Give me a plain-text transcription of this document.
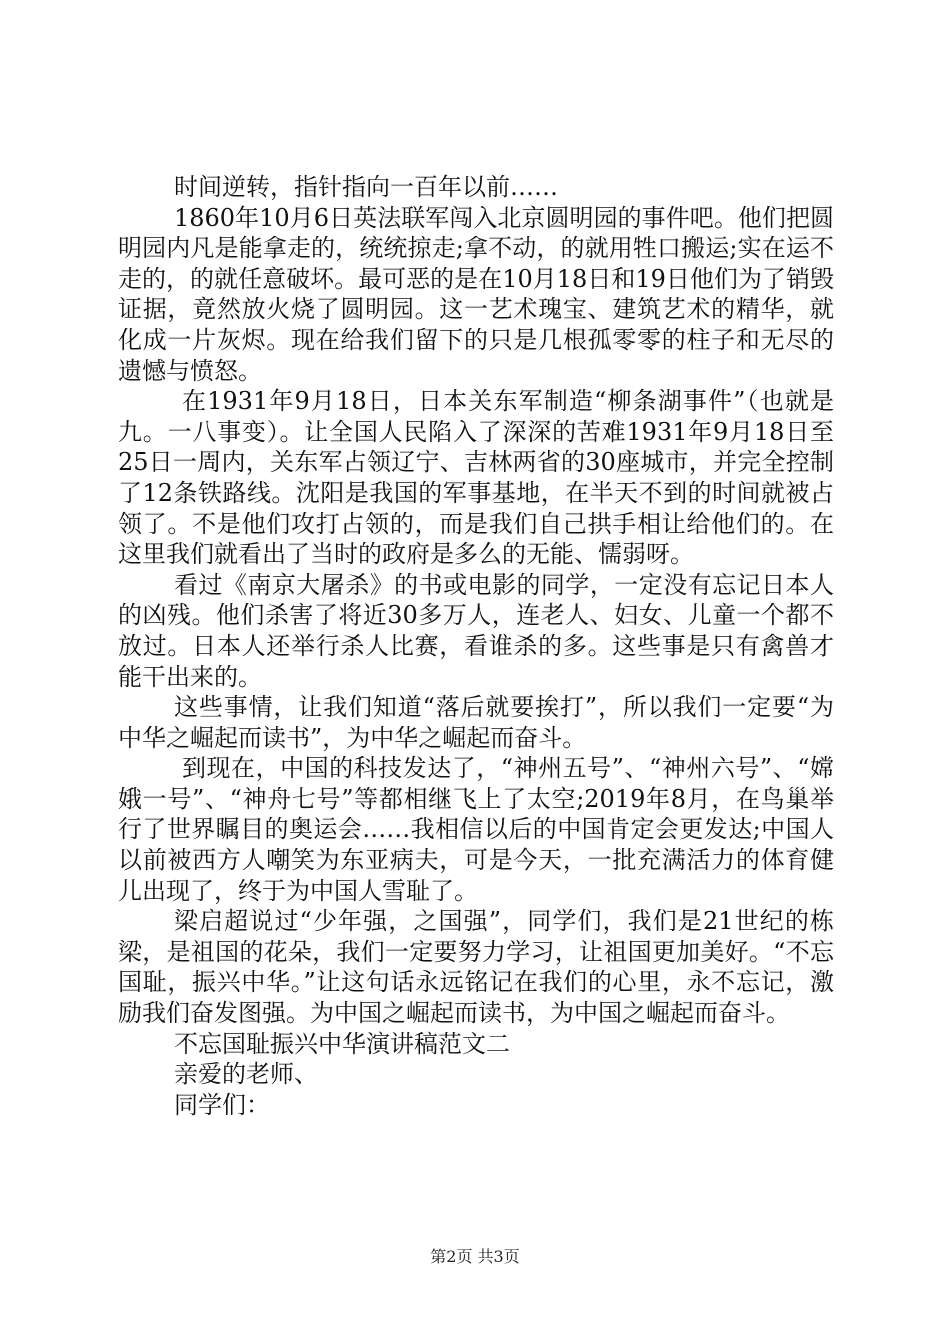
时间逆转，指针指向一百年以前……

1860年10月6日英法联军闯入北京圆明园的事件吧。他们把圆明园内凡是能拿走的，统统掠走;拿不动，的就用牲口搬运;实在运不走的，的就任意破坏。最可恶的是在10月18日和19日他们为了销毁证据，竟然放火烧了圆明园。这一艺术瑰宝、建筑艺术的精华，就化成一片灰烬。现在给我们留下的只是几根孤零零的柱子和无尽的遗憾与愤怒。

在1931年9月18日，日本关东军制造“柳条湖事件”（也就是九。一八事变）。让全国人民陷入了深深的苦难1931年9月18日至25日一周内，关东军占领辽宁、吉林两省的30座城市，并完全控制了12条铁路线。沈阳是我国的军事基地，在半天不到的时间就被占领了。不是他们攻打占领的，而是我们自己拱手相让给他们的。在这里我们就看出了当时的政府是多么的无能、懦弱呀。

看过《南京大屠杀》的书或电影的同学，一定没有忘记日本人的凶残。他们杀害了将近30多万人，连老人、妇女、儿童一个都不放过。日本人还举行杀人比赛，看谁杀的多。这些事是只有禽兽才能干出来的。

这些事情，让我们知道“落后就要挨打”，所以我们一定要“为中华之崛起而读书”，为中华之崛起而奋斗。

到现在，中国的科技发达了，“神州五号”、“神州六号”、“嫦娥一号”、“神舟七号”等都相继飞上了太空;2019年8月，在鸟巢举行了世界瞩目的奥运会……我相信以后的中国肯定会更发达;中国人以前被西方人嘲笑为东亚病夫，可是今天，一批充满活力的体育健儿出现了，终于为中国人雪耻了。

梁启超说过“少年强，之国强”，同学们，我们是21世纪的栋梁，是祖国的花朵，我们一定要努力学习，让祖国更加美好。“不忘国耻，振兴中华。”让这句话永远铭记在我们的心里，永不忘记，激励我们奋发图强。为中国之崛起而读书，为中国之崛起而奋斗。

不忘国耻振兴中华演讲稿范文二

亲爱的老师、

同学们：

第2页 共3页
